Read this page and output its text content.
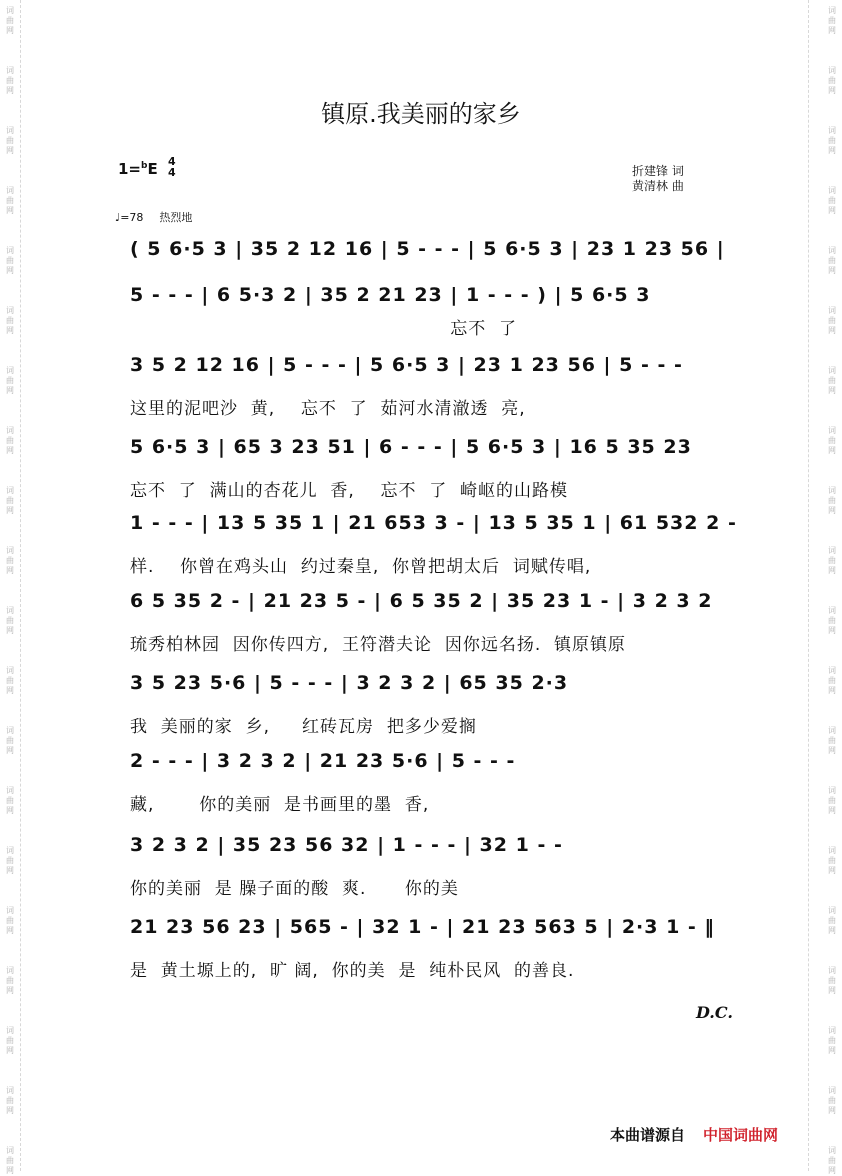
镇原.我美丽的家乡
1=$^b$E 4
4	折建锋 词
黄清林 曲
♩=78 热烈地
( 5 6·5 3 | 35 2 12 16 | 5 - - - | 5 6·5 3 | 23 1 23 56 |
5 - - - | 6 5·3 2 | 35 2 21 23 | 1 - - - ) | 5 6·5 3
忘不  了
3 5 2 12 16 | 5 - - - | 5 6·5 3 | 23 1 23 56 | 5 - - -
这里的泥吧沙  黄,    忘不  了  茹河水清澈透  亮,
5 6·5 3 | 65 3 23 51 | 6 - - - | 5 6·5 3 | 16 5 35 23
忘不  了  满山的杏花儿  香,    忘不  了  崎岖的山路模
1 - - - | 13 5 35 1 | 21 653 3 - | 13 5 35 1 | 61 532 2 -
样.    你曾在鸡头山  约过秦皇,  你曾把胡太后  词赋传唱,
6 5 35 2 - | 21 23 5 - | 6 5 35 2 | 35 23 1 - | 3 2 3 2
琉秀柏林园  因你传四方,  王符潜夫论  因你远名扬.  镇原镇原
3 5 23 5·6 | 5 - - - | 3 2 3 2 | 65 35 2·3
我  美丽的家  乡,     红砖瓦房  把多少爱搁
2 - - - | 3 2 3 2 | 21 23 5·6 | 5 - - -
藏,       你的美丽  是书画里的墨  香,
3 2 3 2 | 35 23 56 32 | 1 - - - | 32 1 - -
你的美丽  是 臊子面的酸  爽.      你的美
21 23 56 23 | 565 - | 32 1 - | 21 23 563 5 | 2·3 1 - ‖
是  黄土塬上的,  旷 阔,  你的美  是  纯朴民风  的善良.
D.C.
本曲谱源自 中国词曲网
词
曲
网
词
曲
网
词
曲
网
词
曲
网
词
曲
网
词
曲
网
词
曲
网
词
曲
网
词
曲
网
词
曲
网
词
曲
网
词
曲
网
词
曲
网
词
曲
网
词
曲
网
词
曲
网
词
曲
网
词
曲
网
词
曲
网
词
曲
网
词
曲
网
词
曲
网
词
曲
网
词
曲
网
词
曲
网
词
曲
网
词
曲
网
词
曲
网
词
曲
网
词
曲
网
词
曲
网
词
曲
网
词
曲
网
词
曲
网
词
曲
网
词
曲
网
词
曲
网
词
曲
网
词
曲
网
词
曲
网
